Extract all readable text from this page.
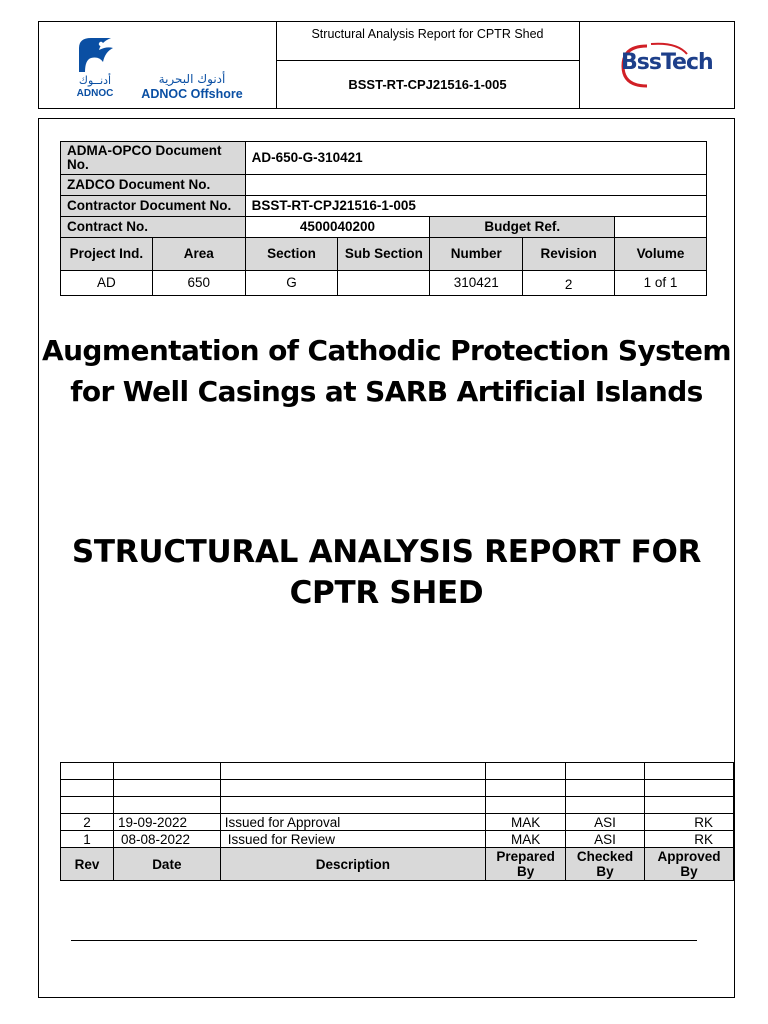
أدنــوك
ADNOC
أدنوك البحرية
ADNOC Offshore
Structural Analysis Report for CPTR Shed
BSST-RT-CPJ21516-1-005
BssTech
ADMA-OPCO Document No.		AD-650-G-310421				
ZADCO Document No.						
Contractor Document No.		BSST-RT-CPJ21516-1-005				
Contract No.		4500040200		Budget Ref.		
Project Ind.	Area	Section	Sub Section	Number	Revision	Volume
AD	650	G		310421	2	1 of 1
Augmentation of Cathodic Protection System for Well Casings at SARB Artificial Islands
STRUCTURAL ANALYSIS REPORT FOR CPTR SHED

2	19-09-2022	Issued for Approval	MAK	ASI	RK
1	08-08-2022	Issued for Review	MAK	ASI	RK
Rev	Date	Description	Prepared By	Checked By	Approved By
